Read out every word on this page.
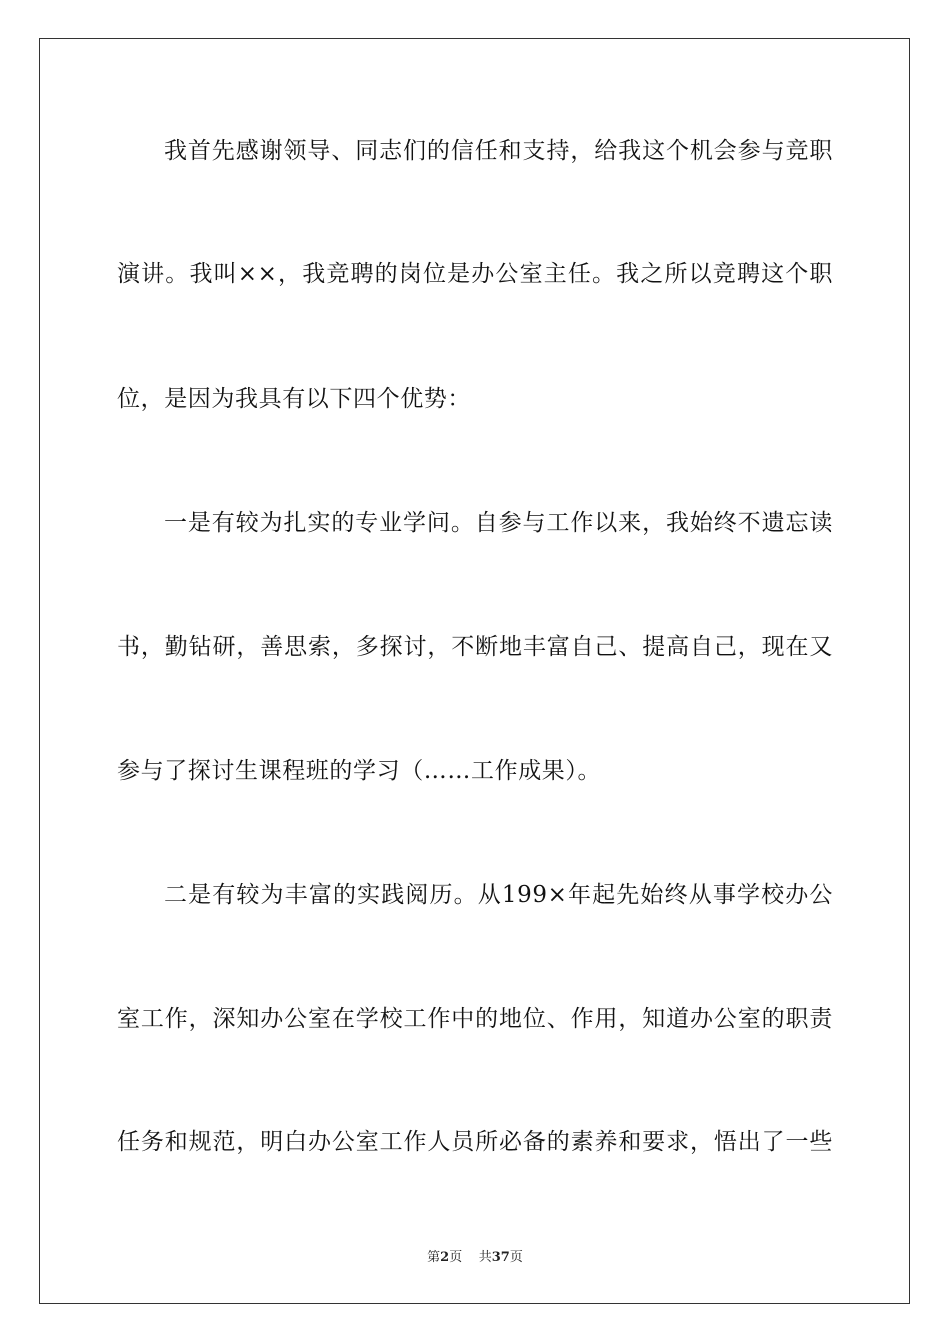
我首先感谢领导、同志们的信任和支持，给我这个机会参与竞职
演讲。我叫××，我竞聘的岗位是办公室主任。我之所以竞聘这个职
位，是因为我具有以下四个优势：
一是有较为扎实的专业学问。自参与工作以来，我始终不遗忘读
书，勤钻研，善思索，多探讨，不断地丰富自己、提高自己，现在又
参与了探讨生课程班的学习（……工作成果）。
二是有较为丰富的实践阅历。从199×年起先始终从事学校办公
室工作，深知办公室在学校工作中的地位、作用，知道办公室的职责
任务和规范，明白办公室工作人员所必备的素养和要求，悟出了一些
第2页 共37页
